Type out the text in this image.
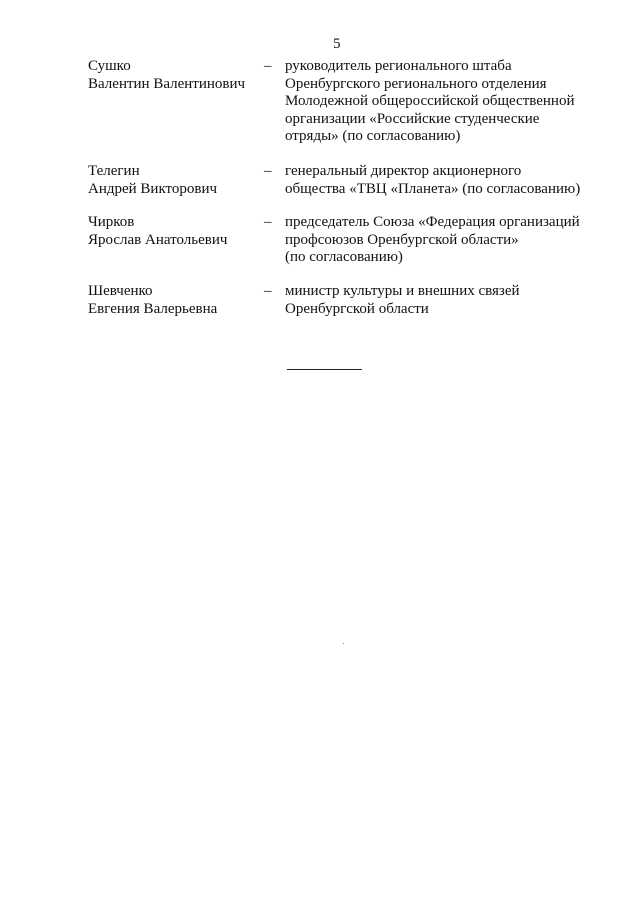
5
Сушко
Валентин Валентинович
– руководитель регионального штаба
Оренбургского регионального отделения
Молодежной общероссийской общественной
организации «Российские студенческие
отряды» (по согласованию)
Телегин
Андрей Викторович
– генеральный директор акционерного
общества «ТВЦ «Планета» (по согласованию)
Чирков
Ярослав Анатольевич
– председатель Союза «Федерация организаций
профсоюзов Оренбургской области»
(по согласованию)
Шевченко
Евгения Валерьевна
– министр культуры и внешних связей
Оренбургской области
